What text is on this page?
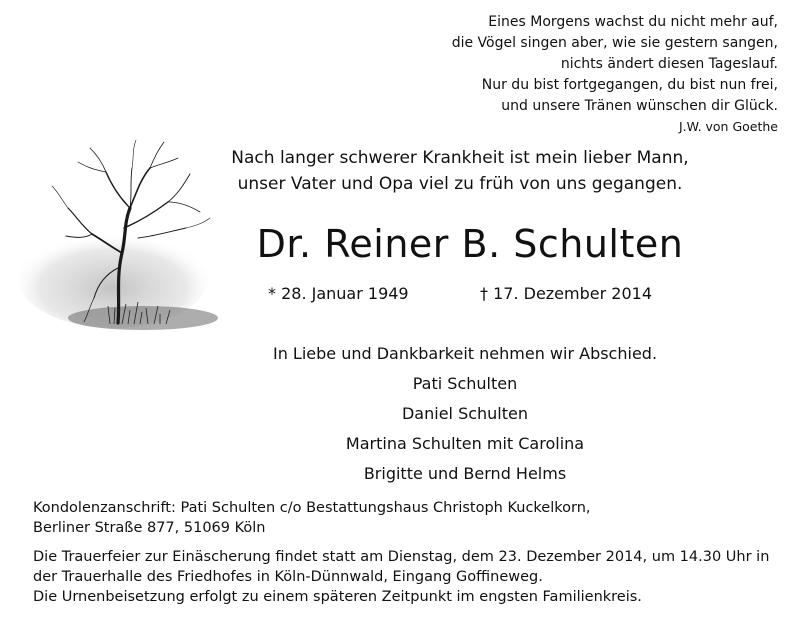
Eines Morgens wachst du nicht mehr auf,
die Vögel singen aber, wie sie gestern sangen,
nichts ändert diesen Tageslauf.
Nur du bist fortgegangen, du bist nun frei,
und unsere Tränen wünschen dir Glück.
J.W. von Goethe
Nach langer schwerer Krankheit ist mein lieber Mann,
unser Vater und Opa viel zu früh von uns gegangen.
Dr. Reiner B. Schulten
* 28. Januar 1949	† 17. Dezember 2014
In Liebe und Dankbarkeit nehmen wir Abschied.
Pati Schulten
Daniel Schulten
Martina Schulten mit Carolina
Brigitte und Bernd Helms
Kondolenzanschrift: Pati Schulten c/o Bestattungshaus Christoph Kuckelkorn,
Berliner Straße 877, 51069 Köln
Die Trauerfeier zur Einäscherung findet statt am Dienstag, dem 23. Dezember 2014, um 14.30 Uhr in
der Trauerhalle des Friedhofes in Köln-Dünnwald, Eingang Goffineweg.
Die Urnenbeisetzung erfolgt zu einem späteren Zeitpunkt im engsten Familienkreis.
